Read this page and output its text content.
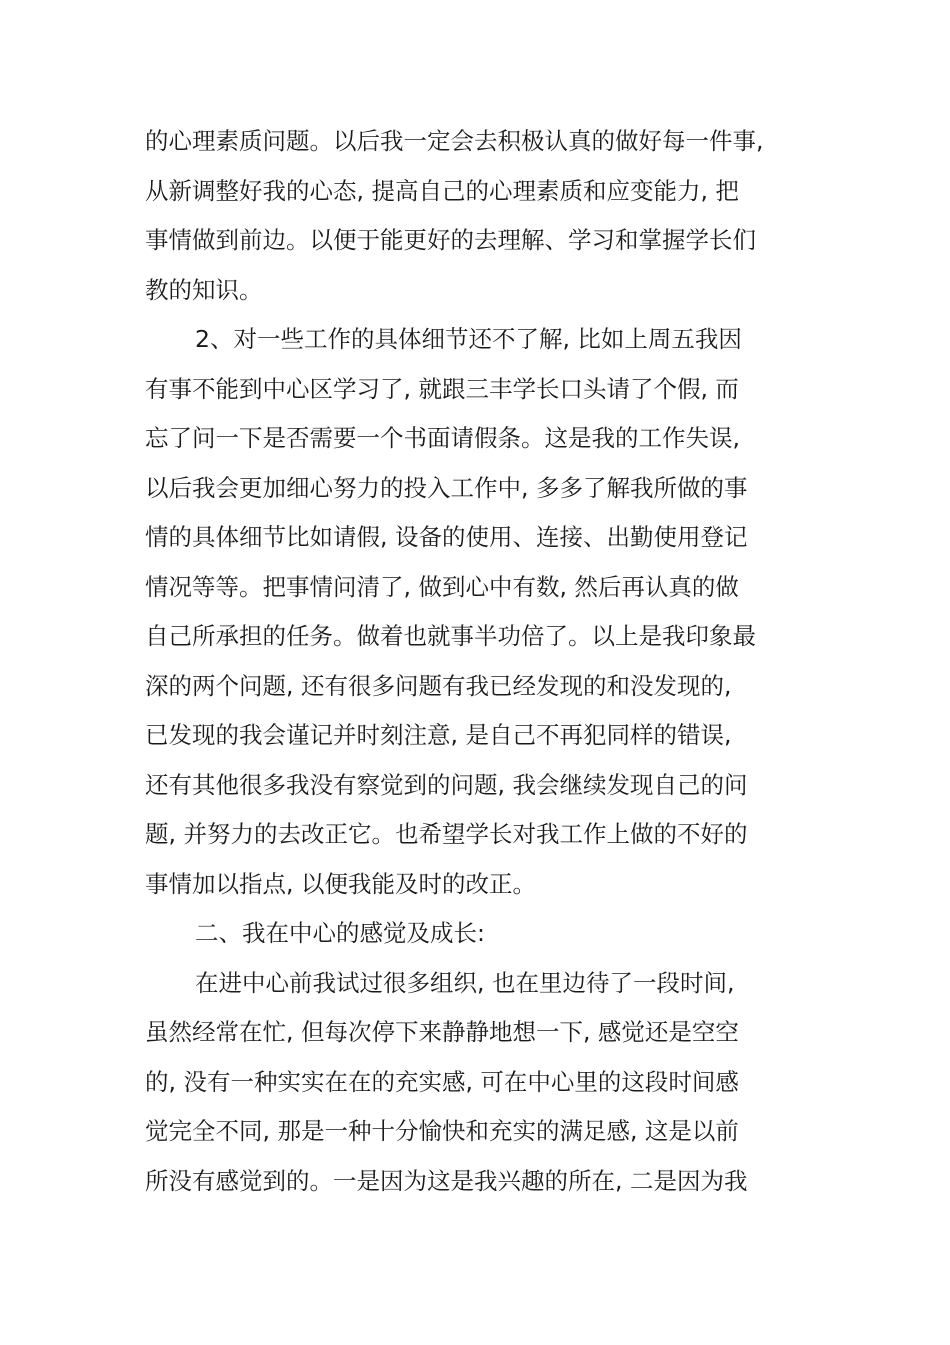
的心理素质问题。以后我一定会去积极认真的做好每一件事,
从新调整好我的心态, 提高自己的心理素质和应变能力, 把
事情做到前边。以便于能更好的去理解、学习和掌握学长们
教的知识。
2、对一些工作的具体细节还不了解, 比如上周五我因
有事不能到中心区学习了, 就跟三丰学长口头请了个假, 而
忘了问一下是否需要一个书面请假条。这是我的工作失误,
以后我会更加细心努力的投入工作中, 多多了解我所做的事
情的具体细节比如请假, 设备的使用、连接、出勤使用登记
情况等等。把事情问清了, 做到心中有数, 然后再认真的做
自己所承担的任务。做着也就事半功倍了。以上是我印象最
深的两个问题, 还有很多问题有我已经发现的和没发现的,
已发现的我会谨记并时刻注意, 是自己不再犯同样的错误,
还有其他很多我没有察觉到的问题, 我会继续发现自己的问
题, 并努力的去改正它。也希望学长对我工作上做的不好的
事情加以指点, 以便我能及时的改正。
二、我在中心的感觉及成长:
在进中心前我试过很多组织, 也在里边待了一段时间,
虽然经常在忙, 但每次停下来静静地想一下, 感觉还是空空
的, 没有一种实实在在的充实感, 可在中心里的这段时间感
觉完全不同, 那是一种十分愉快和充实的满足感, 这是以前
所没有感觉到的。一是因为这是我兴趣的所在, 二是因为我
